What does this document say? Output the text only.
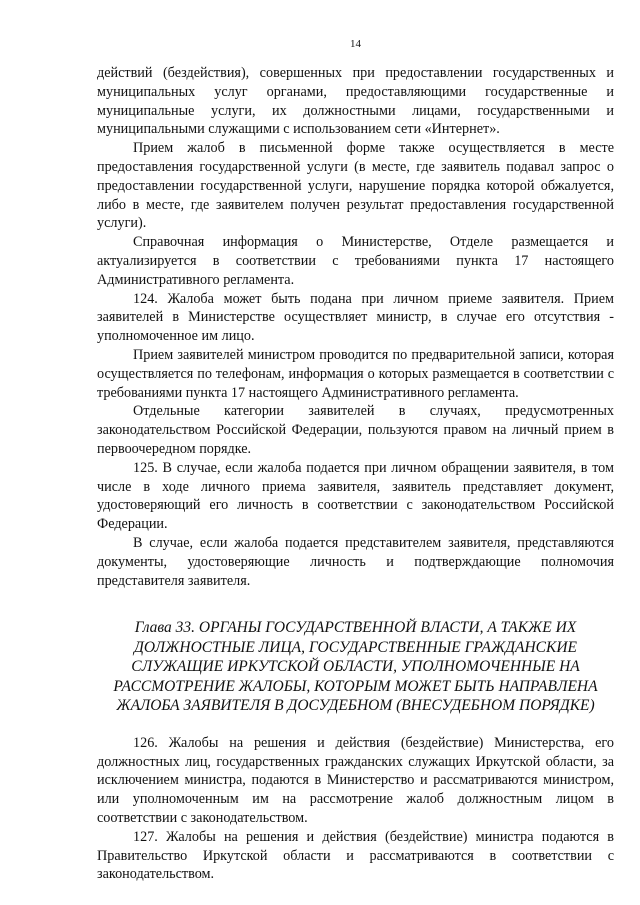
14

действий (бездействия), совершенных при предоставлении государственных и муниципальных услуг органами, предоставляющими государственные и муниципальные услуги, их должностными лицами, государственными и муниципальными служащими с использованием сети «Интернет».

Прием жалоб в письменной форме также осуществляется в месте предоставления государственной услуги (в месте, где заявитель подавал запрос о предоставлении государственной услуги, нарушение порядка которой обжалуется, либо в месте, где заявителем получен результат предоставления государственной услуги).

Справочная информация о Министерстве, Отделе размещается и актуализируется в соответствии с требованиями пункта 17 настоящего Административного регламента.

124. Жалоба может быть подана при личном приеме заявителя. Прием заявителей в Министерстве осуществляет министр, в случае его отсутствия - уполномоченное им лицо.

Прием заявителей министром проводится по предварительной записи, которая осуществляется по телефонам, информация о которых размещается в соответствии с требованиями пункта 17 настоящего Административного регламента.

Отдельные категории заявителей в случаях, предусмотренных законодательством Российской Федерации, пользуются правом на личный прием в первоочередном порядке.

125. В случае, если жалоба подается при личном обращении заявителя, в том числе в ходе личного приема заявителя, заявитель представляет документ, удостоверяющий его личность в соответствии с законодательством Российской Федерации.

В случае, если жалоба подается представителем заявителя, представляются документы, удостоверяющие личность и подтверждающие полномочия представителя заявителя.

Глава 33. ОРГАНЫ ГОСУДАРСТВЕННОЙ ВЛАСТИ, А ТАКЖЕ ИХ
ДОЛЖНОСТНЫЕ ЛИЦА, ГОСУДАРСТВЕННЫЕ ГРАЖДАНСКИЕ
СЛУЖАЩИЕ ИРКУТСКОЙ ОБЛАСТИ, УПОЛНОМОЧЕННЫЕ НА
РАССМОТРЕНИЕ ЖАЛОБЫ, КОТОРЫМ МОЖЕТ БЫТЬ НАПРАВЛЕНА
ЖАЛОБА ЗАЯВИТЕЛЯ В ДОСУДЕБНОМ (ВНЕСУДЕБНОМ ПОРЯДКЕ)

126. Жалобы на решения и действия (бездействие) Министерства, его должностных лиц, государственных гражданских служащих Иркутской области, за исключением министра, подаются в Министерство и рассматриваются министром, или уполномоченным им на рассмотрение жалоб должностным лицом в соответствии с законодательством.

127. Жалобы на решения и действия (бездействие) министра подаются в Правительство Иркутской области и рассматриваются в соответствии с законодательством.
